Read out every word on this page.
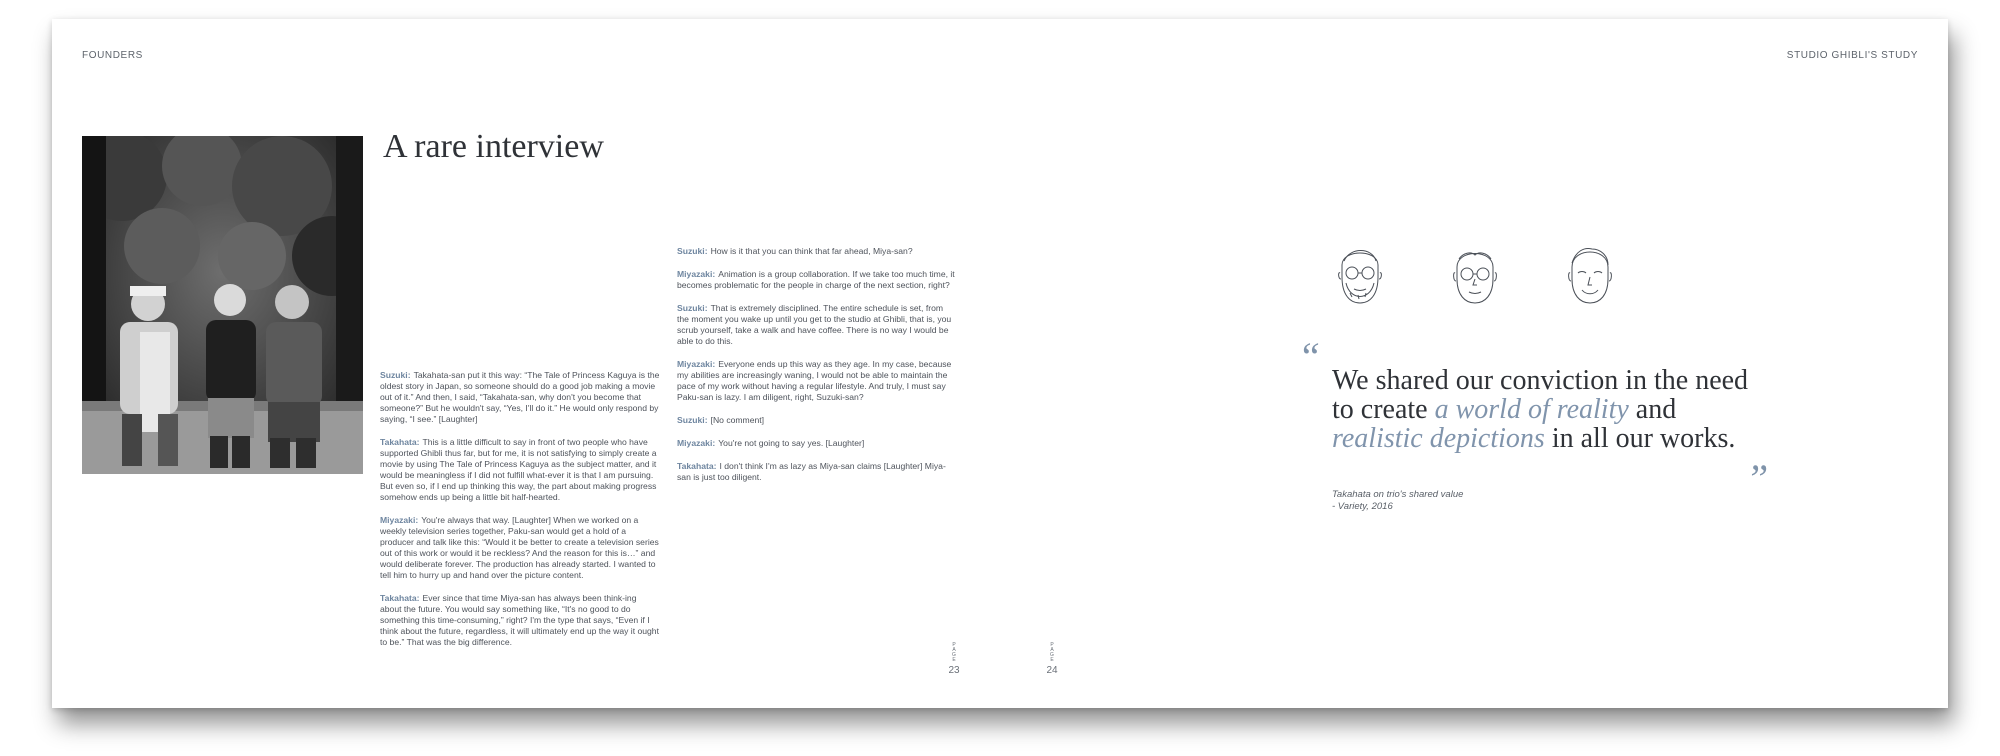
FOUNDERS	STUDIO GHIBLI'S STUDY
A rare interview

Suzuki: Takahata-san put it this way: “The Tale of Princess Kaguya is the oldest story in Japan, so someone should do a good job making a movie out of it.” And then, I said, “Takahata-san, why don't you become that someone?” But he wouldn't say, “Yes, I'll do it.” He would only respond by saying, “I see.” [Laughter]

Takahata: This is a little difficult to say in front of two people who have supported Ghibli thus far, but for me, it is not satisfying to simply create a movie by using The Tale of Princess Kaguya as the subject matter, and it would be meaningless if I did not fulfill what-ever it is that I am pursuing. But even so, if I end up thinking this way, the part about making progress somehow ends up being a little bit half-hearted.

Miyazaki: You're always that way. [Laughter] When we worked on a weekly television series together, Paku-san would get a hold of a producer and talk like this: “Would it be better to create a television series out of this work or would it be reckless? And the reason for this is…” and would deliberate forever. The production has already started. I wanted to tell him to hurry up and hand over the picture content.

Takahata: Ever since that time Miya-san has always been think-ing about the future. You would say something like, “It's no good to do something this time-consuming,” right? I'm the type that says, “Even if I think about the future, regardless, it will ultimately end up the way it ought to be.” That was the big difference.

Suzuki: How is it that you can think that far ahead, Miya-san?

Miyazaki: Animation is a group collaboration. If we take too much time, it becomes problematic for the people in charge of the next section, right?

Suzuki: That is extremely disciplined. The entire schedule is set, from the moment you wake up until you get to the studio at Ghibli, that is, you scrub yourself, take a walk and have coffee. There is no way I would be able to do this.

Miyazaki: Everyone ends up this way as they age. In my case, because my abilities are increasingly waning, I would not be able to maintain the pace of my work without having a regular lifestyle. And truly, I must say Paku-san is lazy. I am diligent, right, Suzuki-san?

Suzuki: [No comment]

Miyazaki: You're not going to say yes. [Laughter]

Takahata: I don't think I'm as lazy as Miya-san claims [Laughter] Miya-san is just too diligent.

P
A
G
E
23
P
A
G
E
24
“

We shared our conviction in the need to create a world of reality and realistic depictions in all our works.

”
Takahata on trio's shared value
- Variety, 2016
